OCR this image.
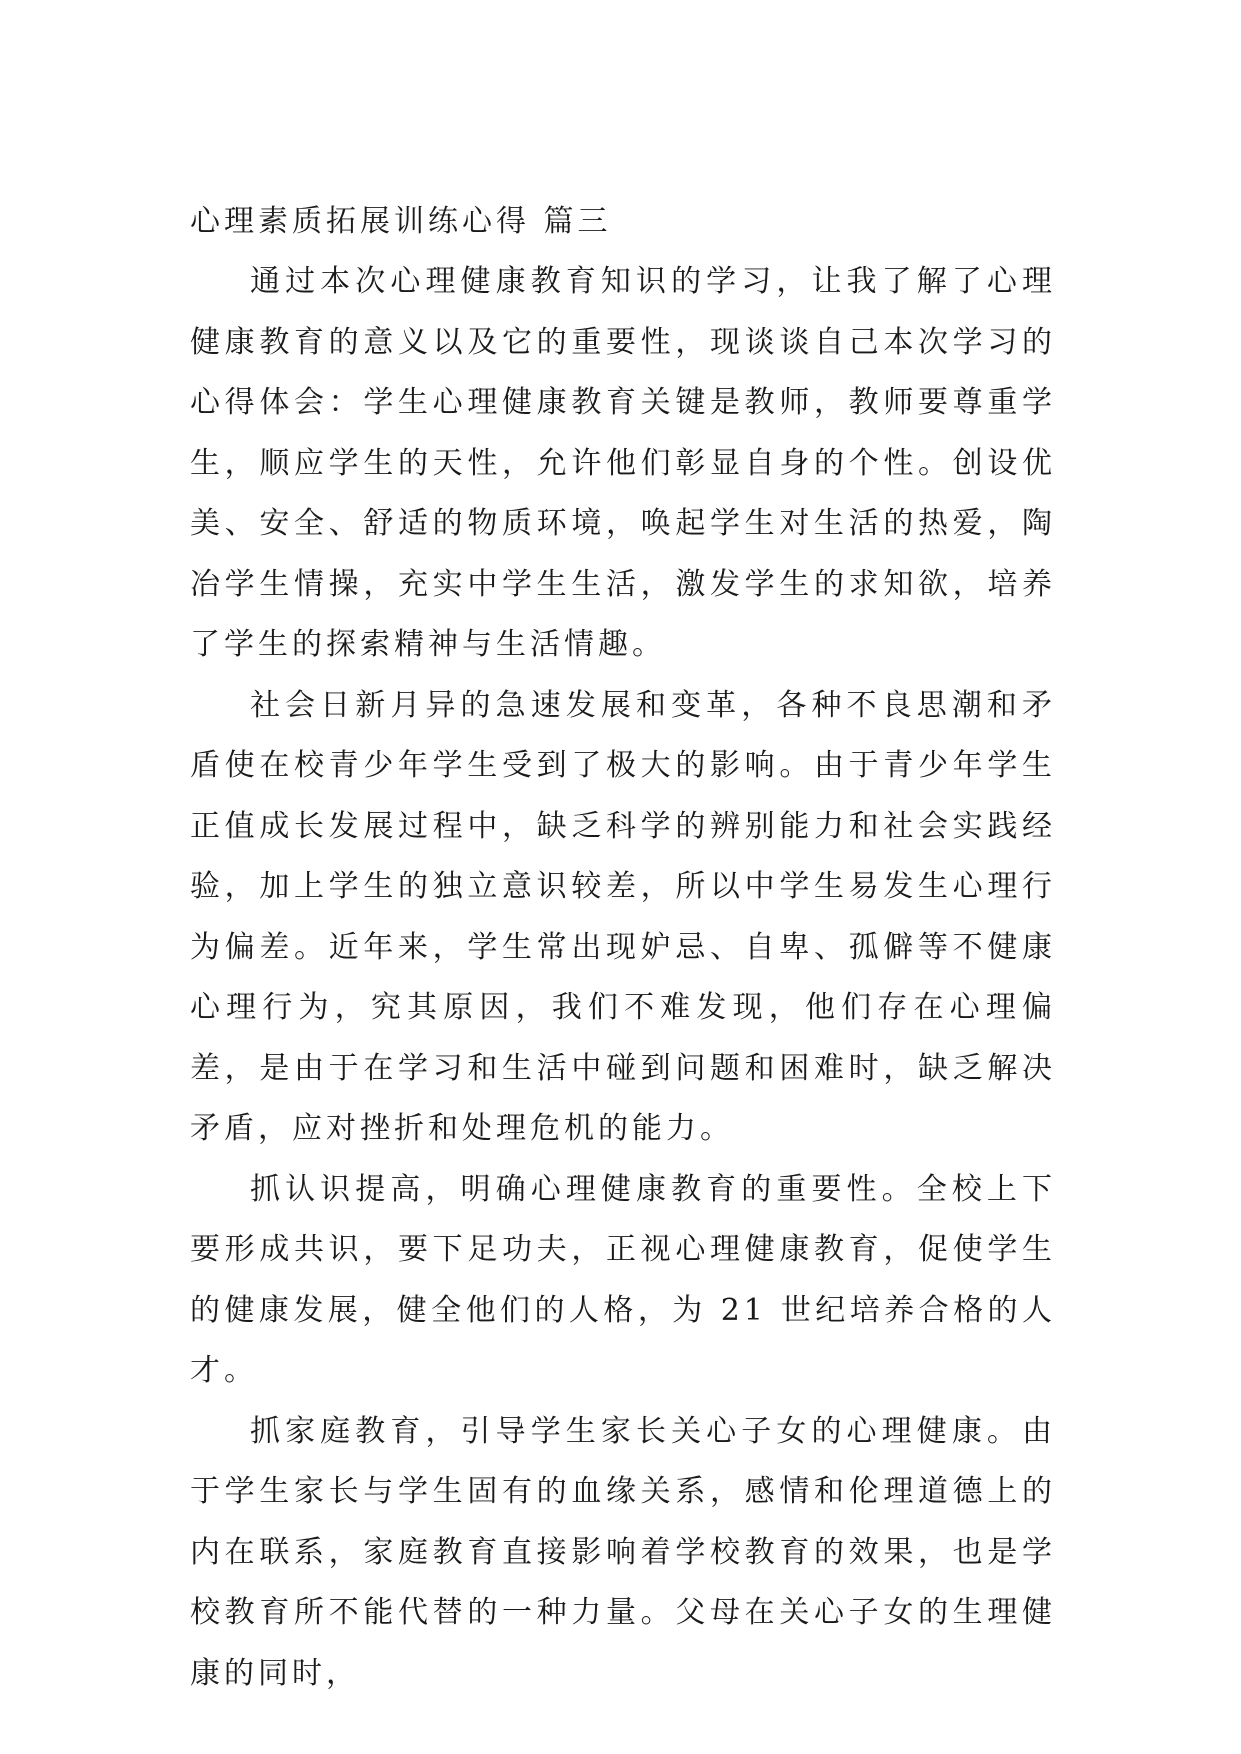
心理素质拓展训练心得 篇三

通过本次心理健康教育知识的学习，让我了解了心理健康教育的意义以及它的重要性，现谈谈自己本次学习的心得体会：学生心理健康教育关键是教师，教师要尊重学生，顺应学生的天性，允许他们彰显自身的个性。创设优美、安全、舒适的物质环境，唤起学生对生活的热爱，陶冶学生情操，充实中学生生活，激发学生的求知欲，培养了学生的探索精神与生活情趣。

社会日新月异的急速发展和变革，各种不良思潮和矛盾使在校青少年学生受到了极大的影响。由于青少年学生正值成长发展过程中，缺乏科学的辨别能力和社会实践经验，加上学生的独立意识较差，所以中学生易发生心理行为偏差。近年来，学生常出现妒忌、自卑、孤僻等不健康心理行为，究其原因，我们不难发现，他们存在心理偏差，是由于在学习和生活中碰到问题和困难时，缺乏解决矛盾，应对挫折和处理危机的能力。

抓认识提高，明确心理健康教育的重要性。全校上下要形成共识，要下足功夫，正视心理健康教育，促使学生的健康发展，健全他们的人格，为 21 世纪培养合格的人才。

抓家庭教育，引导学生家长关心子女的心理健康。由于学生家长与学生固有的血缘关系，感情和伦理道德上的内在联系，家庭教育直接影响着学校教育的效果，也是学校教育所不能代替的一种力量。父母在关心子女的生理健康的同时，
